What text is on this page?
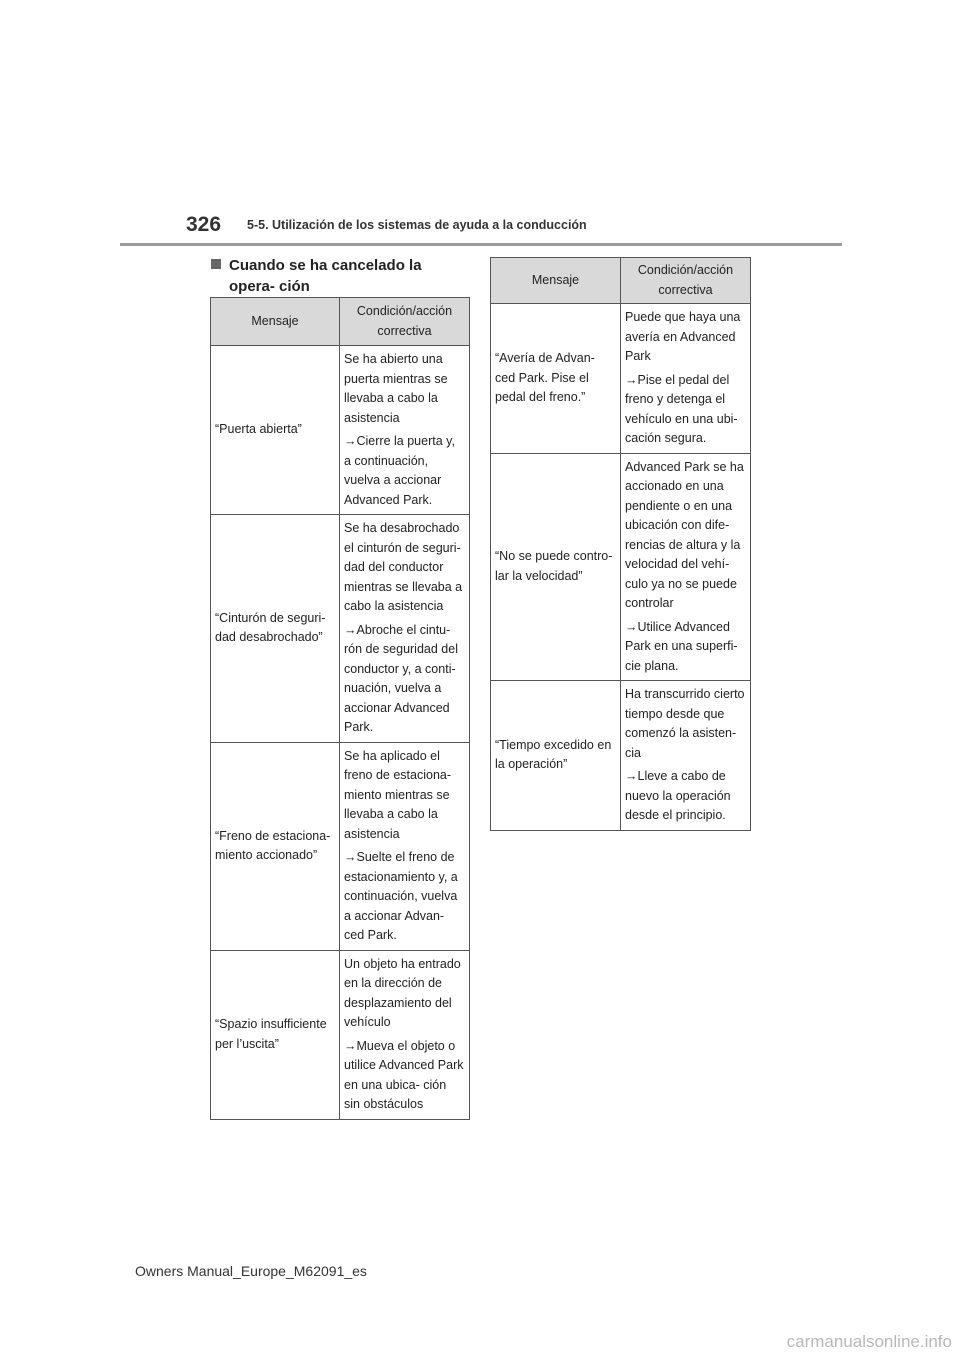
326 5-5. Utilización de los sistemas de ayuda a la conducción
Cuando se ha cancelado la opera- ción
Mensaje	Condición/acción correctiva
“Puerta abierta”	Se ha abierto una puerta mientras se llevaba a cabo la asistencia

→Cierre la puerta y, a continuación, vuelva a accionar Advanced Park.

“Cinturón de seguri- dad desabrochado”	Se ha desabrochado el cinturón de seguri- dad del conductor mientras se llevaba a cabo la asistencia

→Abroche el cintu- rón de seguridad del conductor y, a conti- nuación, vuelva a accionar Advanced Park.

“Freno de estaciona- miento accionado”	Se ha aplicado el freno de estaciona- miento mientras se llevaba a cabo la asistencia

→Suelte el freno de estacionamiento y, a continuación, vuelva a accionar Advan- ced Park.

“Spazio insufficiente per l’uscita”	Un objeto ha entrado en la dirección de desplazamiento del vehículo

→Mueva el objeto o utilice Advanced Park en una ubica- ción sin obstáculos

Mensaje	Condición/acción correctiva
“Avería de Advan- ced Park. Pise el pedal del freno.”	Puede que haya una avería en Advanced Park

→Pise el pedal del freno y detenga el vehículo en una ubi- cación segura.

“No se puede contro- lar la velocidad”	Advanced Park se ha accionado en una pendiente o en una ubicación con dife- rencias de altura y la velocidad del vehí- culo ya no se puede controlar

→Utilice Advanced Park en una superfi- cie plana.

“Tiempo excedido en la operación”	Ha transcurrido cierto tiempo desde que comenzó la asisten- cia

→Lleve a cabo de nuevo la operación desde el principio.

Owners Manual_Europe_M62091_es
carmanualsonline.info
